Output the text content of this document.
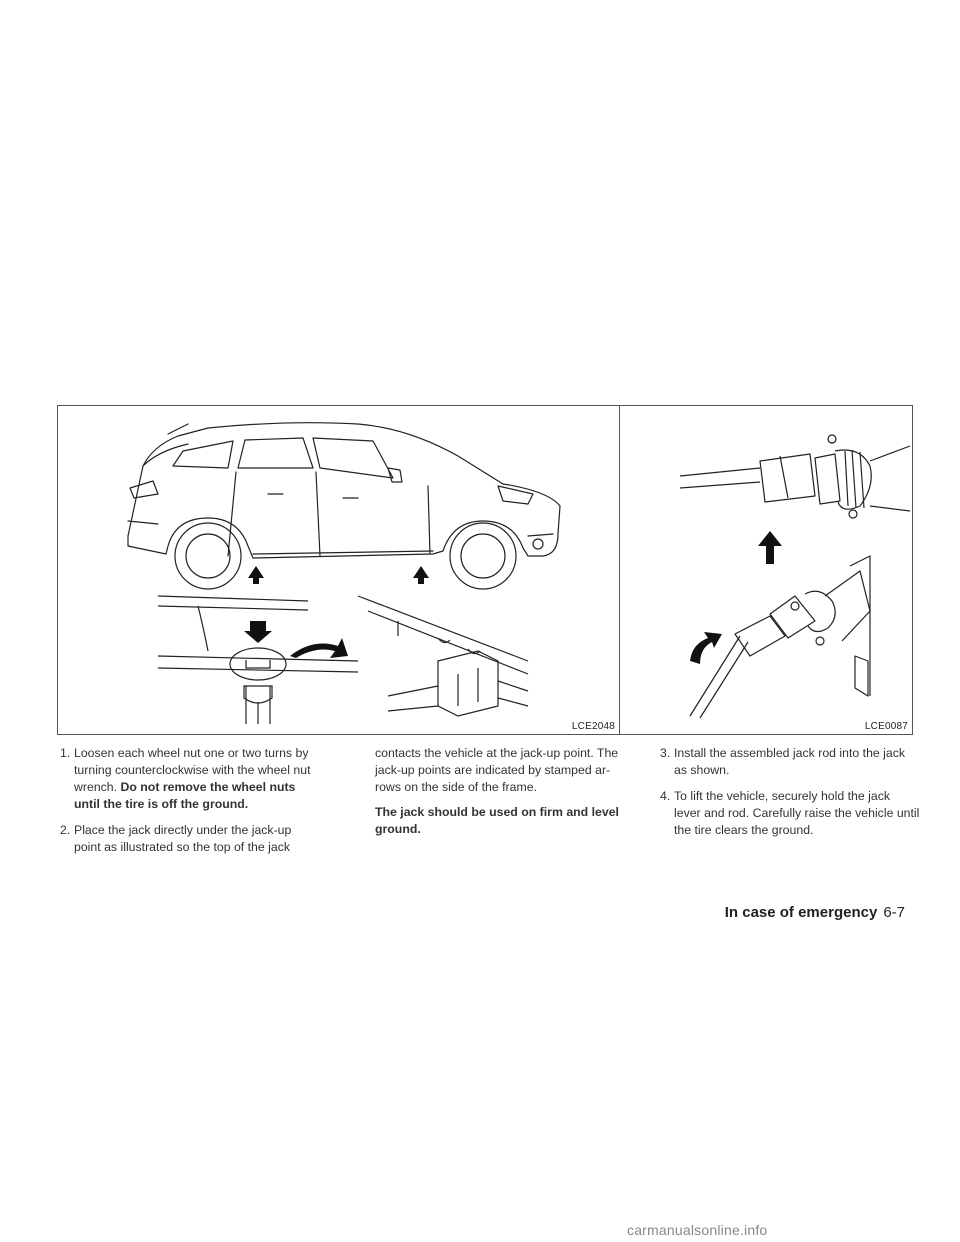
LCE2048	LCE0087
1. Loosen each wheel nut one or two turns by turning counterclockwise with the wheel nut wrench. Do not remove the wheel nuts until the tire is off the ground.
2. Place the jack directly under the jack-up point as illustrated so the top of the jack
contacts the vehicle at the jack-up point. The jack-up points are indicated by stamped ar-rows on the side of the frame.
The jack should be used on firm and level ground.
3. Install the assembled jack rod into the jack as shown.
4. To lift the vehicle, securely hold the jack lever and rod. Carefully raise the vehicle until the tire clears the ground.
In case of emergency 6-7
carmanualsonline.info
